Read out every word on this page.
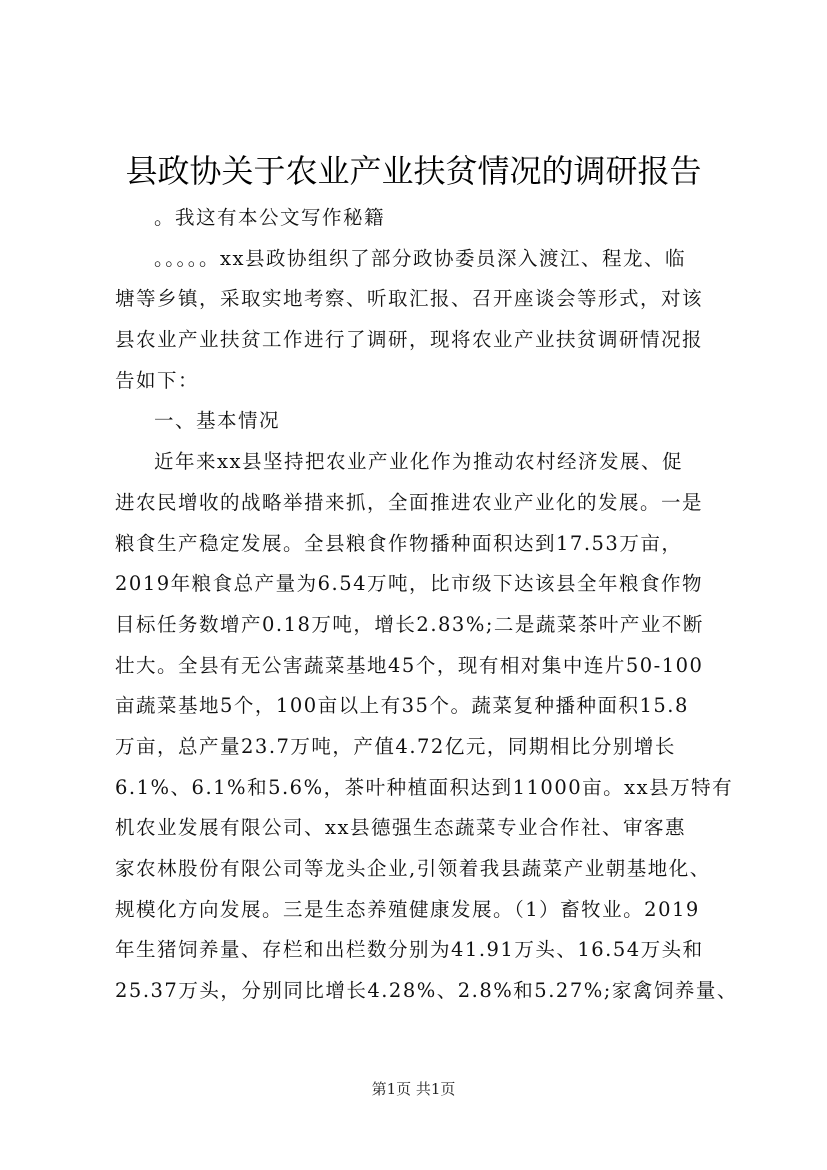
县政协关于农业产业扶贫情况的调研报告
。我这有本公文写作秘籍
。。。。。xx县政协组织了部分政协委员深入渡江、程龙、临
塘等乡镇，采取实地考察、听取汇报、召开座谈会等形式，对该
县农业产业扶贫工作进行了调研，现将农业产业扶贫调研情况报
告如下：
一、基本情况
近年来xx县坚持把农业产业化作为推动农村经济发展、促
进农民增收的战略举措来抓，全面推进农业产业化的发展。一是
粮食生产稳定发展。全县粮食作物播种面积达到17.53万亩，
2019年粮食总产量为6.54万吨，比市级下达该县全年粮食作物
目标任务数增产0.18万吨，增长2.83%;二是蔬菜茶叶产业不断
壮大。全县有无公害蔬菜基地45个，现有相对集中连片50-100
亩蔬菜基地5个，100亩以上有35个。蔬菜复种播种面积15.8
万亩，总产量23.7万吨，产值4.72亿元，同期相比分别增长
6.1%、6.1%和5.6%，茶叶种植面积达到11000亩。xx县万特有
机农业发展有限公司、xx县德强生态蔬菜专业合作社、审客惠
家农林股份有限公司等龙头企业,引领着我县蔬菜产业朝基地化、
规模化方向发展。三是生态养殖健康发展。（1）畜牧业。2019
年生猪饲养量、存栏和出栏数分别为41.91万头、16.54万头和
25.37万头，分别同比增长4.28%、2.8%和5.27%;家禽饲养量、
第1页 共1页
